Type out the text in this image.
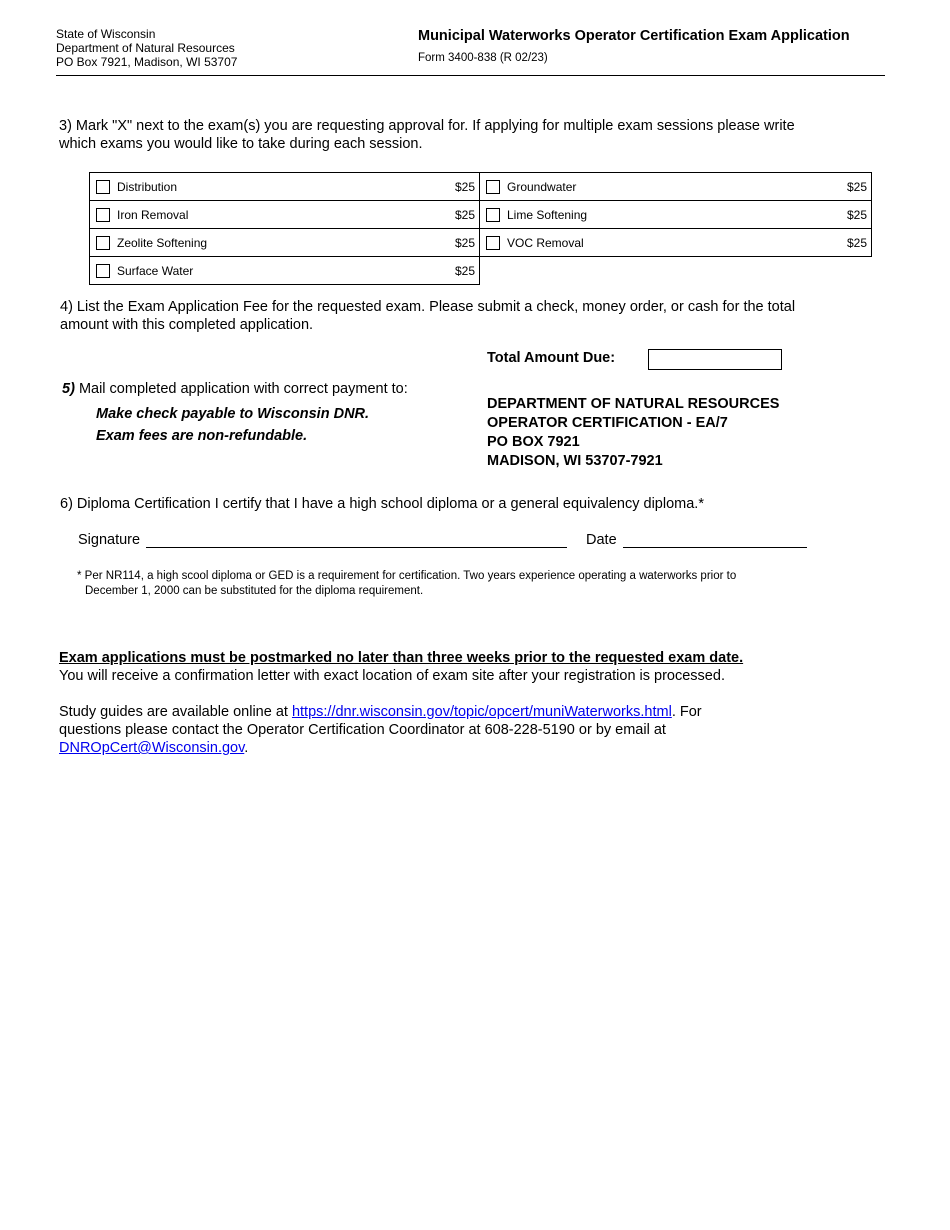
State of Wisconsin
Department of Natural Resources
PO Box 7921, Madison, WI 53707
Municipal Waterworks Operator Certification Exam Application
Form 3400-838 (R 02/23)
3) Mark "X" next to the exam(s) you are requesting approval for. If applying for multiple exam sessions please write
which exams you would like to take during each session.
Distribution	$25	Groundwater	$25
Iron Removal	$25	Lime Softening	$25
Zeolite Softening	$25	VOC Removal	$25
Surface Water	$25
4) List the Exam Application Fee for the requested exam. Please submit a check, money order, or cash for the total
amount with this completed application.
Total Amount Due:
5) Mail completed application with correct payment to:
Make check payable to Wisconsin DNR.
Exam fees are non-refundable.
DEPARTMENT OF NATURAL RESOURCES
OPERATOR CERTIFICATION - EA/7
PO BOX 7921
MADISON, WI 53707-7921
6) Diploma Certification I certify that I have a high school diploma or a general equivalency diploma.*
Signature	Date
* Per NR114, a high scool diploma or GED is a requirement for certification. Two years experience operating a waterworks prior to
December 1, 2000 can be substituted for the diploma requirement.
Exam applications must be postmarked no later than three weeks prior to the requested exam date.
You will receive a confirmation letter with exact location of exam site after your registration is processed.
Study guides are available online at https://dnr.wisconsin.gov/topic/opcert/muniWaterworks.html. For
questions please contact the Operator Certification Coordinator at 608-228-5190 or by email at
DNROpCert@Wisconsin.gov.
